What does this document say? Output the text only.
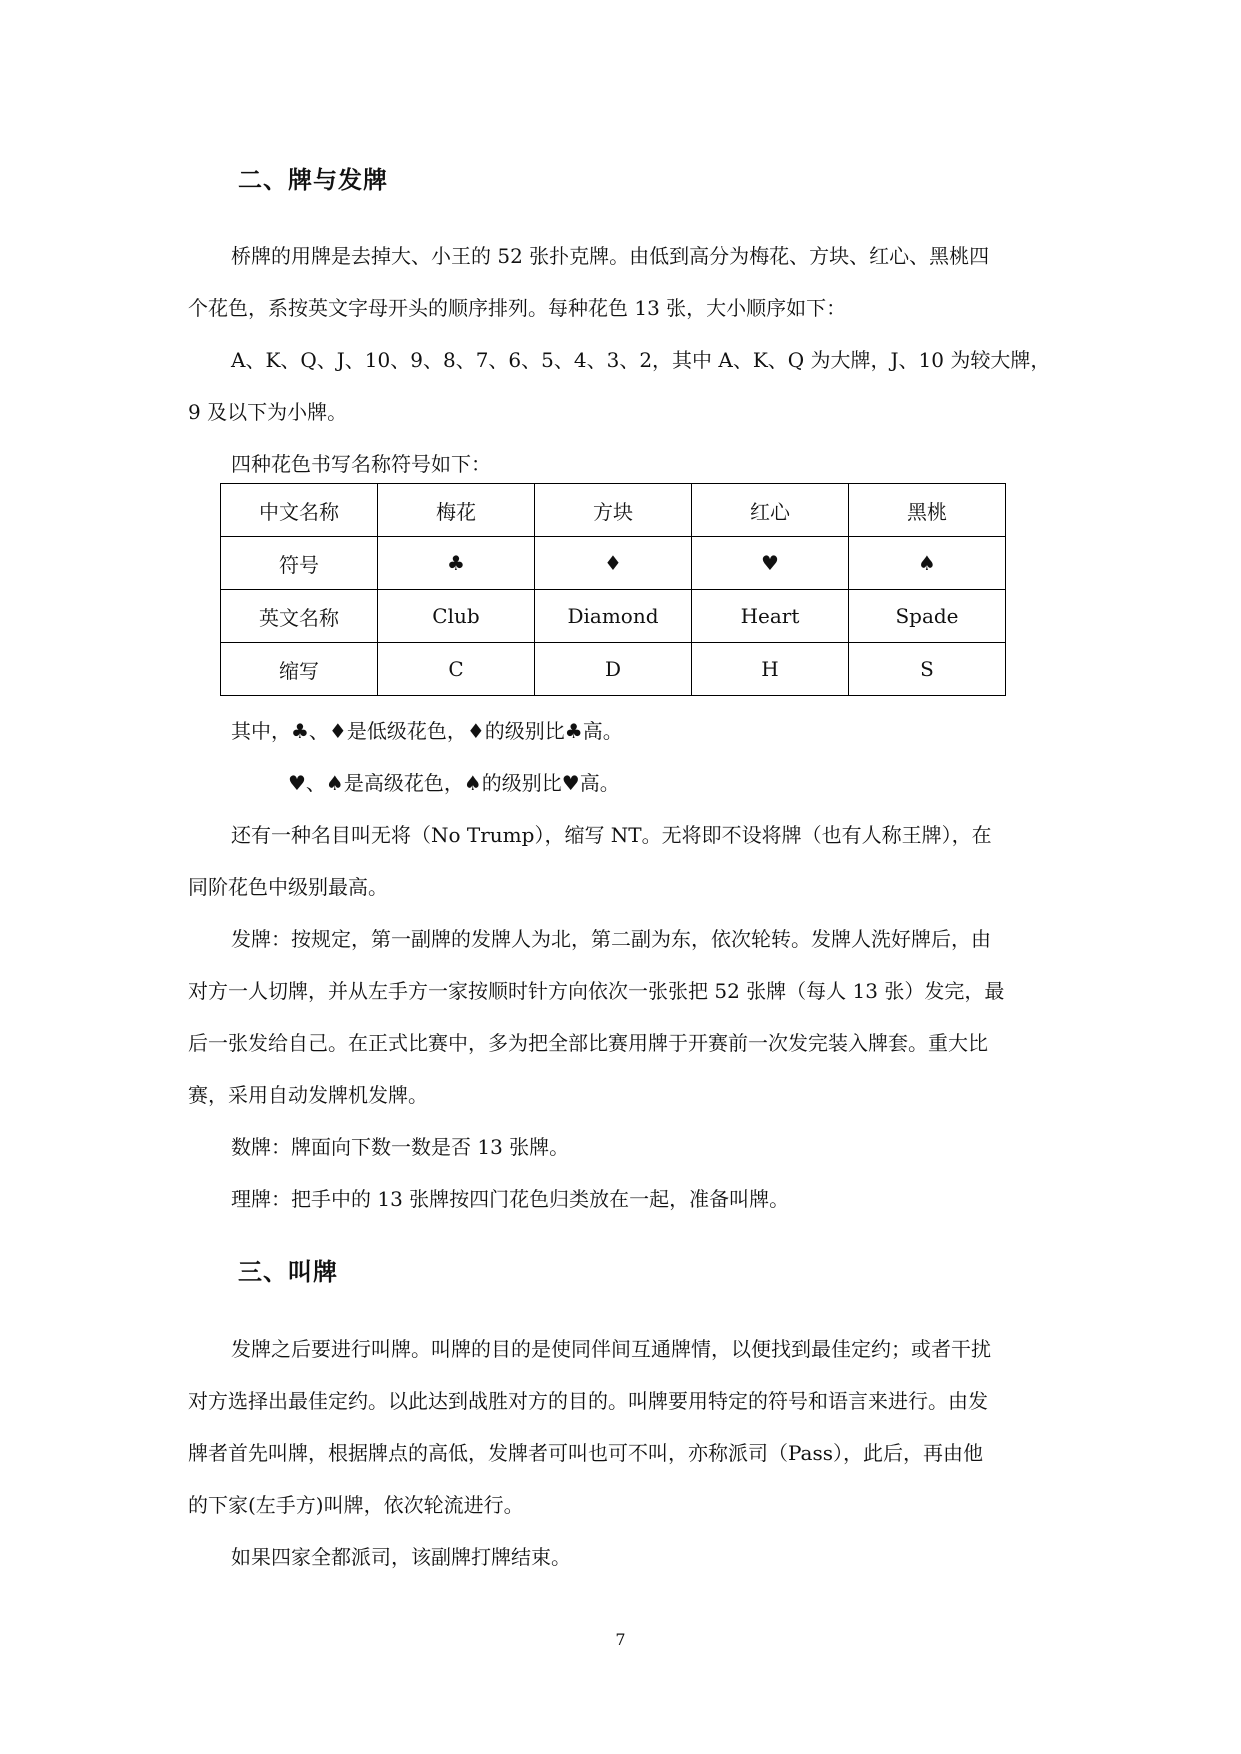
二、牌与发牌
桥牌的用牌是去掉大、小王的 52 张扑克牌。由低到高分为梅花、方块、红心、黑桃四
个花色，系按英文字母开头的顺序排列。每种花色 13 张，大小顺序如下：
A、K、Q、J、10、9、8、7、6、5、4、3、2，其中 A、K、Q 为大牌，J、10 为较大牌，
9 及以下为小牌。
四种花色书写名称符号如下：
中文名称	梅花	方块	红心	黑桃
符号	♣	♦	♥	♠
英文名称	Club	Diamond	Heart	Spade
缩写	C	D	H	S
其中，♣、♦是低级花色，♦的级别比♣高。
♥、♠是高级花色，♠的级别比♥高。
还有一种名目叫无将（No Trump），缩写 NT。无将即不设将牌（也有人称王牌），在
同阶花色中级别最高。
发牌：按规定，第一副牌的发牌人为北，第二副为东，依次轮转。发牌人洗好牌后，由
对方一人切牌，并从左手方一家按顺时针方向依次一张张把 52 张牌（每人 13 张）发完，最
后一张发给自己。在正式比赛中，多为把全部比赛用牌于开赛前一次发完装入牌套。重大比
赛，采用自动发牌机发牌。
数牌：牌面向下数一数是否 13 张牌。
理牌：把手中的 13 张牌按四门花色归类放在一起，准备叫牌。
三、叫牌
发牌之后要进行叫牌。叫牌的目的是使同伴间互通牌情，以便找到最佳定约；或者干扰
对方选择出最佳定约。以此达到战胜对方的目的。叫牌要用特定的符号和语言来进行。由发
牌者首先叫牌，根据牌点的高低，发牌者可叫也可不叫，亦称派司（Pass），此后，再由他
的下家(左手方)叫牌，依次轮流进行。
如果四家全都派司，该副牌打牌结束。
7
